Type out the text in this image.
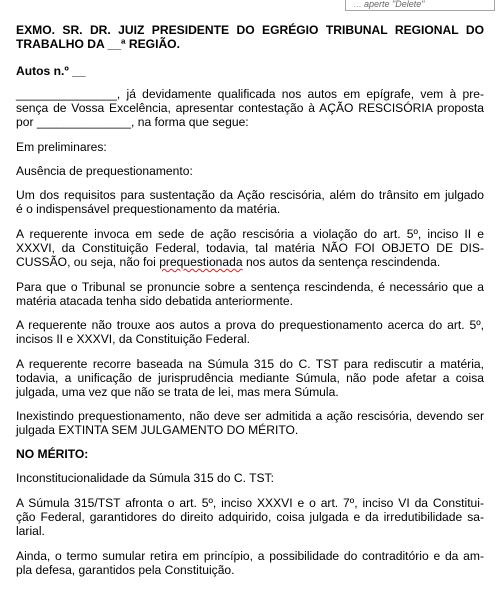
... aperte "Delete"
EXMO. SR. DR. JUIZ PRESIDENTE DO EGRÉGIO TRIBUNAL REGIONAL DO
TRABALHO DA __ª REGIÃO.
Autos n.º __
_______________, já devidamente qualificada nos autos em epígrafe, vem à pre-
sença de Vossa Excelência, apresentar contestação à AÇÃO RESCISÓRIA proposta
por ______________, na forma que segue:
Em preliminares:
Ausência de prequestionamento:
Um dos requisitos para sustentação da Ação rescisória, além do trânsito em julgado
é o indispensável prequestionamento da matéria.
A requerente invoca em sede de ação rescisória a violação do art. 5º, inciso II e
XXXVI, da Constituição Federal, todavia, tal matéria NÃO FOI OBJETO DE DIS-
CUSSÃO, ou seja, não foi prequestionada nos autos da sentença rescindenda.
Para que o Tribunal se pronuncie sobre a sentença rescindenda, é necessário que a
matéria atacada tenha sido debatida anteriormente.
A requerente não trouxe aos autos a prova do prequestionamento acerca do art. 5º,
incisos II e XXXVI, da Constituição Federal.
A requerente recorre baseada na Súmula 315 do C. TST para rediscutir a matéria,
todavia, a unificação de jurisprudência mediante Súmula, não pode afetar a coisa
julgada, uma vez que não se trata de lei, mas mera Súmula.
Inexistindo prequestionamento, não deve ser admitida a ação rescisória, devendo ser
julgada EXTINTA SEM JULGAMENTO DO MÉRITO.
NO MÉRITO:
Inconstitucionalidade da Súmula 315 do C. TST:
A Súmula 315/TST afronta o art. 5º, inciso XXXVI e o art. 7º, inciso VI da Constitui-
ção Federal, garantidores do direito adquirido, coisa julgada e da irredutibilidade sa-
larial.
Ainda, o termo sumular retira em princípio, a possibilidade do contraditório e da am-
pla defesa, garantidos pela Constituição.
